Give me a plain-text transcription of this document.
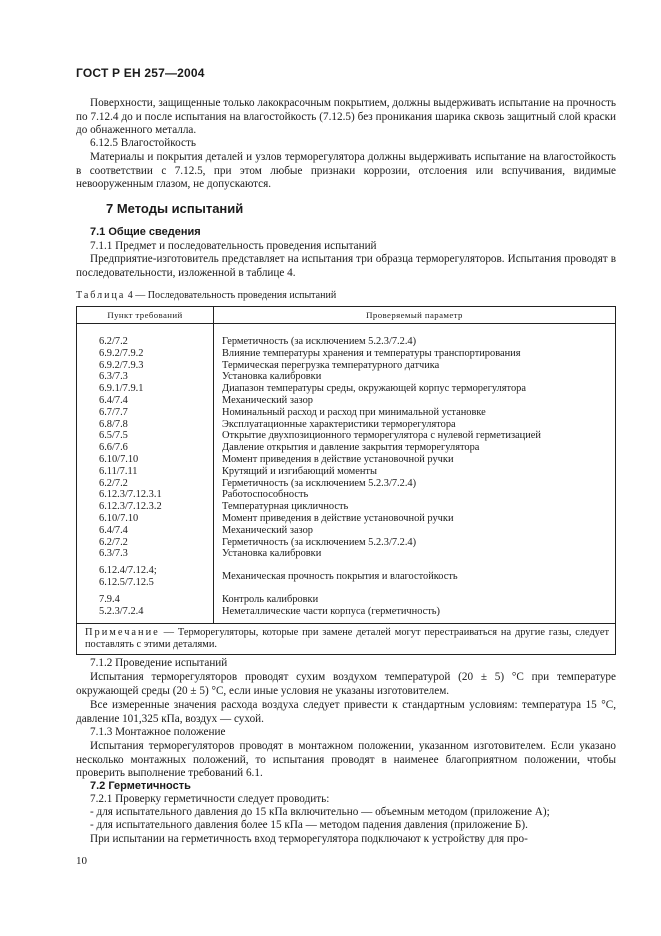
ГОСТ Р ЕН 257—2004
Поверхности, защищенные только лакокрасочным покрытием, должны выдерживать испытание на прочность по 7.12.4 до и после испытания на влагостойкость (7.12.5) без проникания шарика сквозь защитный слой краски до обнаженного металла.
6.12.5 Влагостойкость
Материалы и покрытия деталей и узлов терморегулятора должны выдерживать испытание на влагостойкость в соответствии с 7.12.5, при этом любые признаки коррозии, отслоения или вспучивания, видимые невооруженным глазом, не допускаются.
7 Методы испытаний
7.1 Общие сведения
7.1.1 Предмет и последовательность проведения испытаний
Предприятие-изготовитель представляет на испытания три образца терморегуляторов. Испытания проводят в последовательности, изложенной в таблице 4.
Таблица 4 — Последовательность проведения испытаний
Пункт требований	Проверяемый параметр
6.2/7.2	Герметичность (за исключением 5.2.3/7.2.4)
6.9.2/7.9.2	Влияние температуры хранения и температуры транспортирования
6.9.2/7.9.3	Термическая перегрузка температурного датчика
6.3/7.3	Установка калибровки
6.9.1/7.9.1	Диапазон температуры среды, окружающей корпус терморегулятора
6.4/7.4	Механический зазор
6.7/7.7	Номинальный расход и расход при минимальной установке
6.8/7.8	Эксплуатационные характеристики терморегулятора
6.5/7.5	Открытие двухпозиционного терморегулятора с нулевой герметизацией
6.6/7.6	Давление открытия и давление закрытия терморегулятора
6.10/7.10	Момент приведения в действие установочной ручки
6.11/7.11	Крутящий и изгибающий моменты
6.2/7.2	Герметичность (за исключением 5.2.3/7.2.4)
6.12.3/7.12.3.1	Работоспособность
6.12.3/7.12.3.2	Температурная цикличность
6.10/7.10	Момент приведения в действие установочной ручки
6.4/7.4	Механический зазор
6.2/7.2	Герметичность (за исключением 5.2.3/7.2.4)
6.3/7.3	Установка калибровки

6.12.4/7.12.4;
6.12.5/7.12.5	Механическая прочность покрытия и влагостойкость
7.9.4	Контроль калибровки
5.2.3/7.2.4	Неметаллические части корпуса (герметичность)
Примечание — Терморегуляторы, которые при замене деталей могут перестраиваться на другие газы, следует поставлять с этими деталями.	
7.1.2 Проведение испытаний
Испытания терморегуляторов проводят сухим воздухом температурой (20 ± 5) °С при температуре окружающей среды (20 ± 5) °С, если иные условия не указаны изготовителем.
Все измеренные значения расхода воздуха следует привести к стандартным условиям: температура 15 °С, давление 101,325 кПа, воздух — сухой.
7.1.3 Монтажное положение
Испытания терморегуляторов проводят в монтажном положении, указанном изготовителем. Если указано несколько монтажных положений, то испытания проводят в наименее благоприятном положении, чтобы проверить выполнение требований 6.1.
7.2 Герметичность
7.2.1 Проверку герметичности следует проводить:
- для испытательного давления до 15 кПа включительно — объемным методом (приложение А);
- для испытательного давления более 15 кПа — методом падения давления (приложение Б).
При испытании на герметичность вход терморегулятора подключают к устройству для про-
10
